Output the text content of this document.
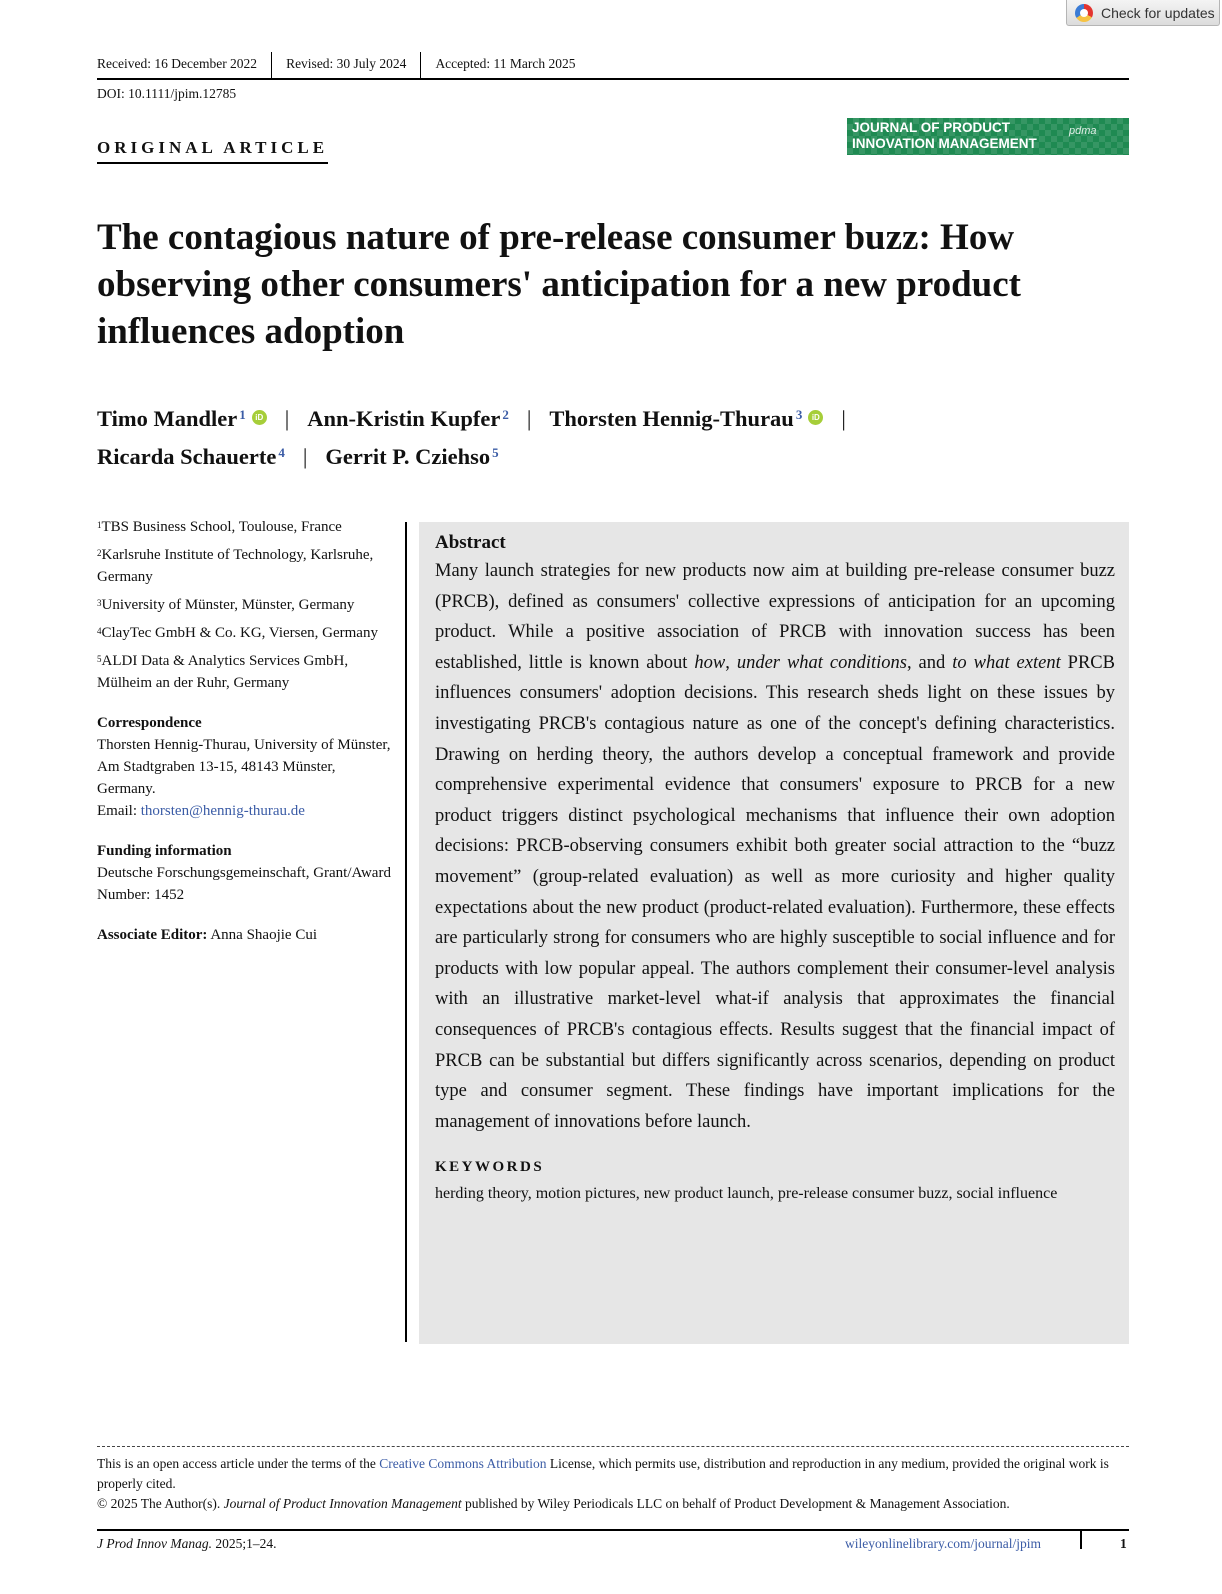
Check for updates
Received: 16 December 2022	Revised: 30 July 2024	Accepted: 11 March 2025
DOI: 10.1111/jpim.12785
ORIGINAL ARTICLE
JOURNAL OF PRODUCT
INNOVATION MANAGEMENT
pdma
The contagious nature of pre-release consumer buzz: How observing other consumers' anticipation for a new product influences adoption
Timo Mandler $^1$ iD | Ann-Kristin Kupfer $^2$ | Thorsten Hennig-Thurau $^3$ iD |
Ricarda Schauerte $^4$ | Gerrit P. Cziehso $^5$
$^1$TBS Business School, Toulouse, France
$^2$Karlsruhe Institute of Technology, Karlsruhe, Germany
$^3$University of Münster, Münster, Germany
$^4$ClayTec GmbH & Co. KG, Viersen, Germany
$^5$ALDI Data & Analytics Services GmbH, Mülheim an der Ruhr, Germany
Correspondence
Thorsten Hennig-Thurau, University of Münster, Am Stadtgraben 13-15, 48143 Münster, Germany.
Email: thorsten@hennig-thurau.de
Funding information
Deutsche Forschungsgemeinschaft, Grant/Award Number: 1452
Associate Editor: Anna Shaojie Cui
Abstract
Many launch strategies for new products now aim at building pre-release consumer buzz (PRCB), defined as consumers' collective expressions of anticipation for an upcoming product. While a positive association of PRCB with innovation success has been established, little is known about how, under what conditions, and to what extent PRCB influences consumers' adoption decisions. This research sheds light on these issues by investigating PRCB's contagious nature as one of the concept's defining characteristics. Drawing on herding theory, the authors develop a conceptual framework and provide comprehensive experimental evidence that consumers' exposure to PRCB for a new product triggers distinct psychological mechanisms that influence their own adoption decisions: PRCB-observing consumers exhibit both greater social attraction to the “buzz movement” (group-related evaluation) as well as more curiosity and higher quality expectations about the new product (product-related evaluation). Furthermore, these effects are particularly strong for consumers who are highly susceptible to social influence and for products with low popular appeal. The authors complement their consumer-level analysis with an illustrative market-level what-if analysis that approximates the financial consequences of PRCB's contagious effects. Results suggest that the financial impact of PRCB can be substantial but differs significantly across scenarios, depending on product type and consumer segment. These findings have important implications for the management of innovations before launch.
KEYWORDS
herding theory, motion pictures, new product launch, pre-release consumer buzz, social influence
This is an open access article under the terms of the Creative Commons Attribution License, which permits use, distribution and reproduction in any medium, provided the original work is properly cited.
© 2025 The Author(s). Journal of Product Innovation Management published by Wiley Periodicals LLC on behalf of Product Development & Management Association.
J Prod Innov Manag. 2025;1–24.	wileyonlinelibrary.com/journal/jpim	1
